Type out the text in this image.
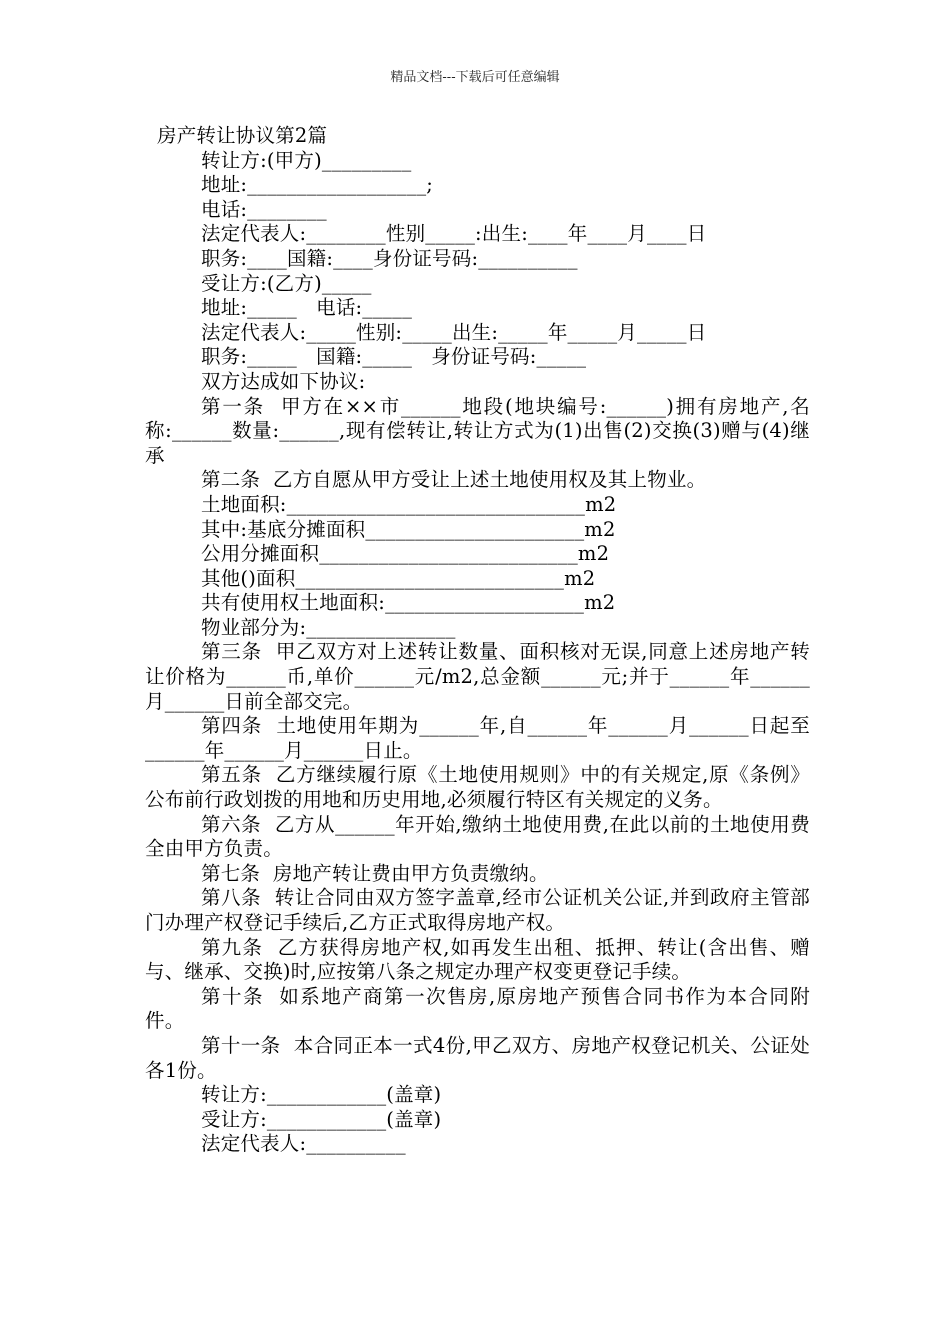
精品文档---下载后可任意编辑

房产转让协议第2篇

转让方:(甲方)_________

地址:__________________;

电话:________

法定代表人:________性别_____:出生:____年____月____日

职务:____国籍:____身份证号码:__________

受让方:(乙方)_____

地址:_____   电话:_____

法定代表人:_____性别:_____出生:_____年_____月_____日

职务:_____   国籍:_____   身份证号码:_____

双方达成如下协议:

第一条  甲方在××市______地段(地块编号:______)拥有房地产,名称:______数量:______,现有偿转让,转让方式为(1)出售(2)交换(3)赠与(4)继承

第二条  乙方自愿从甲方受让上述土地使用权及其上物业。

土地面积:______________________________m2

其中:基底分摊面积______________________m2

公用分摊面积__________________________m2

其他()面积___________________________m2

共有使用权土地面积:____________________m2

物业部分为:_______________

第三条  甲乙双方对上述转让数量、面积核对无误,同意上述房地产转让价格为______币,单价______元/m2,总金额______元;并于______年______月______日前全部交完。

第四条  土地使用年期为______年,自______年______月______日起至______年______月______日止。

第五条  乙方继续履行原《土地使用规则》中的有关规定,原《条例》公布前行政划拨的用地和历史用地,必须履行特区有关规定的义务。

第六条  乙方从______年开始,缴纳土地使用费,在此以前的土地使用费全由甲方负责。

第七条  房地产转让费由甲方负责缴纳。

第八条  转让合同由双方签字盖章,经市公证机关公证,并到政府主管部门办理产权登记手续后,乙方正式取得房地产权。

第九条  乙方获得房地产权,如再发生出租、抵押、转让(含出售、赠与、继承、交换)时,应按第八条之规定办理产权变更登记手续。

第十条  如系地产商第一次售房,原房地产预售合同书作为本合同附件。

第十一条  本合同正本一式4份,甲乙双方、房地产权登记机关、公证处各1份。

转让方:____________(盖章)

受让方:____________(盖章)

法定代表人:__________
